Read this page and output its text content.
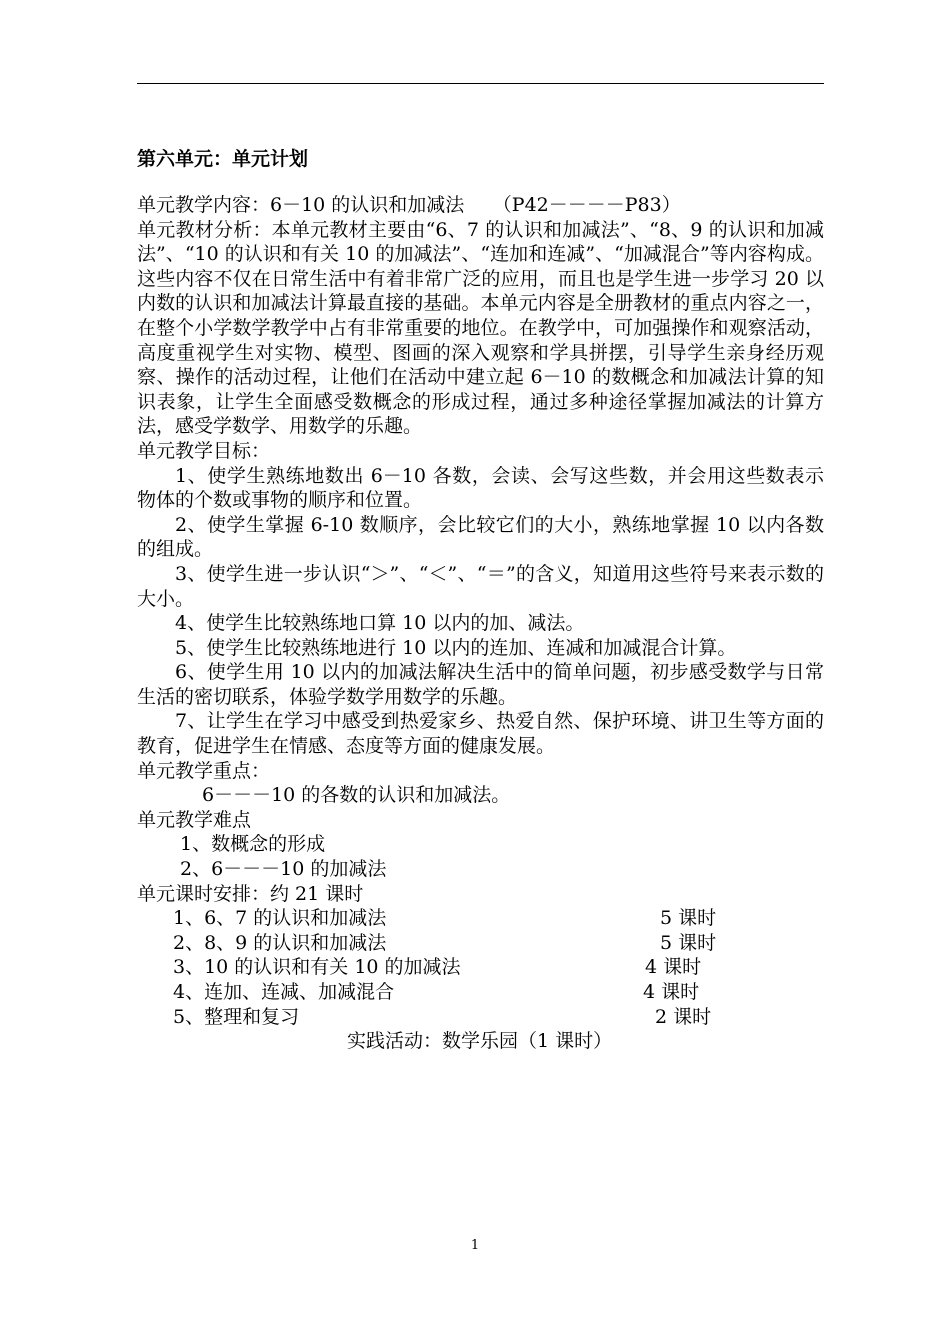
第六单元：单元计划

单元教学内容：6－10 的认识和加减法　　（P42－－－－P83）

单元教材分析：本单元教材主要由“6、7 的认识和加减法”、“8、9 的认识和加减法”、“10 的认识和有关 10 的加减法”、“连加和连减”、“加减混合”等内容构成。这些内容不仅在日常生活中有着非常广泛的应用，而且也是学生进一步学习 20 以内数的认识和加减法计算最直接的基础。本单元内容是全册教材的重点内容之一，在整个小学数学教学中占有非常重要的地位。在教学中，可加强操作和观察活动，高度重视学生对实物、模型、图画的深入观察和学具拼摆，引导学生亲身经历观察、操作的活动过程，让他们在活动中建立起 6－10 的数概念和加减法计算的知识表象，让学生全面感受数概念的形成过程，通过多种途径掌握加减法的计算方法，感受学数学、用数学的乐趣。

单元教学目标：

1、使学生熟练地数出 6－10 各数，会读、会写这些数，并会用这些数表示物体的个数或事物的顺序和位置。

2、使学生掌握 6-10 数顺序，会比较它们的大小，熟练地掌握 10 以内各数的组成。

3、使学生进一步认识“＞”、“＜”、“＝”的含义，知道用这些符号来表示数的大小。

4、使学生比较熟练地口算 10 以内的加、减法。

5、使学生比较熟练地进行 10 以内的连加、连减和加减混合计算。

6、使学生用 10 以内的加减法解决生活中的简单问题，初步感受数学与日常生活的密切联系，体验学数学用数学的乐趣。

7、让学生在学习中感受到热爱家乡、热爱自然、保护环境、讲卫生等方面的教育，促进学生在情感、态度等方面的健康发展。

单元教学重点：

6－－－10 的各数的认识和加减法。

单元教学难点

1、数概念的形成

2、6－－－10 的加减法

单元课时安排：约 21 课时

1、6、7 的认识和加减法	5 课时
2、8、9 的认识和加减法	5 课时
3、10 的认识和有关 10 的加减法	4 课时
4、连加、连减、加减混合	4 课时
5、整理和复习	2 课时
实践活动：数学乐园（1 课时）
1
